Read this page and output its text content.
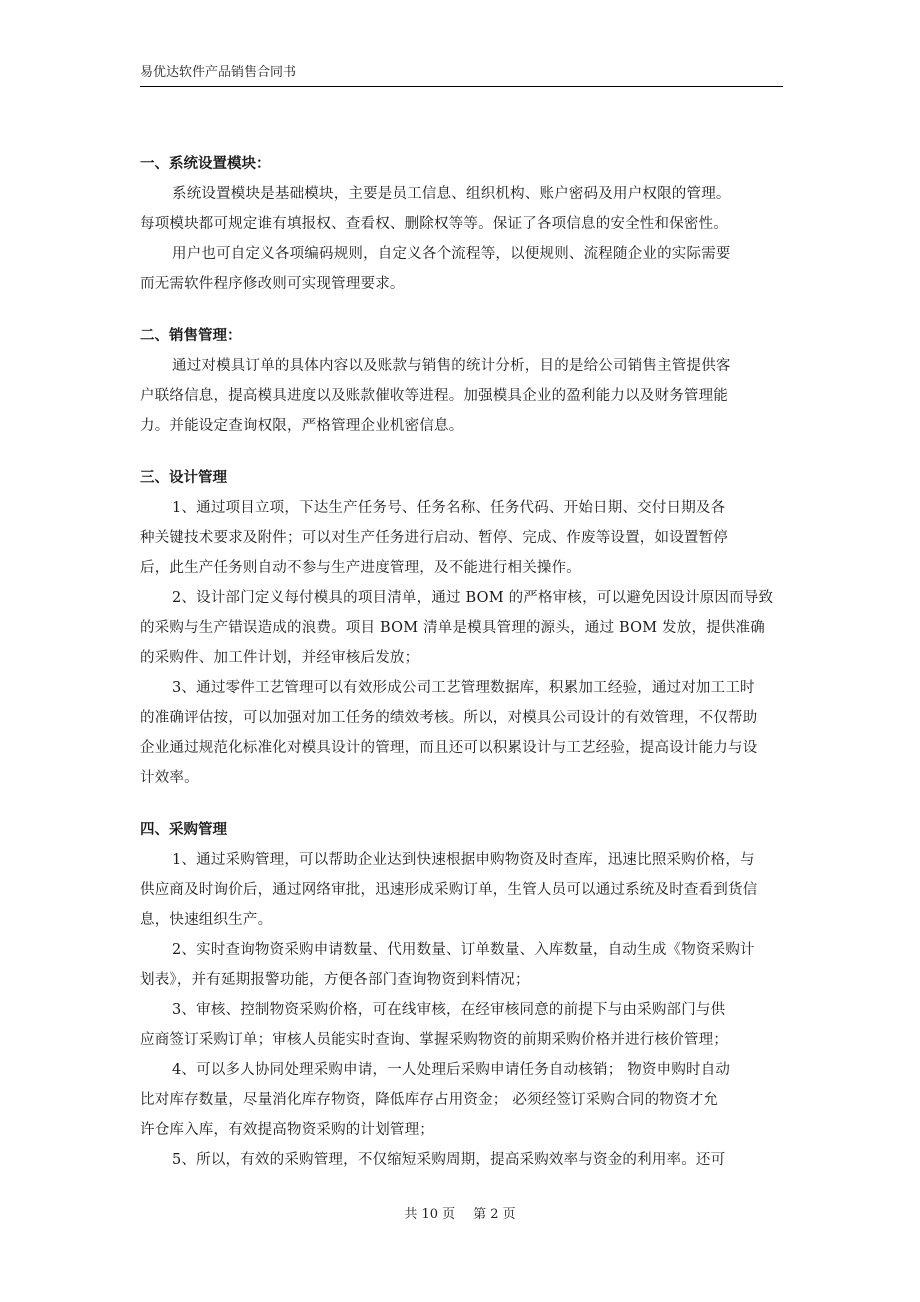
易优达软件产品销售合同书
一、系统设置模块：
系统设置模块是基础模块，主要是员工信息、组织机构、账户密码及用户权限的管理。
每项模块都可规定谁有填报权、查看权、删除权等等。保证了各项信息的安全性和保密性。
用户也可自定义各项编码规则，自定义各个流程等，以便规则、流程随企业的实际需要
而无需软件程序修改则可实现管理要求。
二、销售管理：
通过对模具订单的具体内容以及账款与销售的统计分析，目的是给公司销售主管提供客
户联络信息，提高模具进度以及账款催收等进程。加强模具企业的盈利能力以及财务管理能
力。并能设定查询权限，严格管理企业机密信息。
三、设计管理
1、通过项目立项，下达生产任务号、任务名称、任务代码、开始日期、交付日期及各
种关键技术要求及附件；可以对生产任务进行启动、暂停、完成、作废等设置，如设置暂停
后，此生产任务则自动不参与生产进度管理，及不能进行相关操作。
2、设计部门定义每付模具的项目清单，通过 BOM 的严格审核，可以避免因设计原因而导致
的采购与生产错误造成的浪费。项目 BOM 清单是模具管理的源头，通过 BOM 发放，提供准确
的采购件、加工件计划，并经审核后发放；
3、通过零件工艺管理可以有效形成公司工艺管理数据库，积累加工经验，通过对加工工时
的准确评估按，可以加强对加工任务的绩效考核。所以，对模具公司设计的有效管理，不仅帮助
企业通过规范化标准化对模具设计的管理，而且还可以积累设计与工艺经验，提高设计能力与设
计效率。
四、采购管理
1、通过采购管理，可以帮助企业达到快速根据申购物资及时查库，迅速比照采购价格，与
供应商及时询价后，通过网络审批，迅速形成采购订单，生管人员可以通过系统及时查看到货信
息，快速组织生产。
2、实时查询物资采购申请数量、代用数量、订单数量、入库数量，自动生成《物资采购计
划表》，并有延期报警功能，方便各部门查询物资到料情况；
3、审核、控制物资采购价格，可在线审核，在经审核同意的前提下与由采购部门与供
应商签订采购订单；审核人员能实时查询、掌握采购物资的前期采购价格并进行核价管理；
4、可以多人协同处理采购申请，一人处理后采购申请任务自动核销； 物资申购时自动
比对库存数量，尽量消化库存物资，降低库存占用资金； 必须经签订采购合同的物资才允
许仓库入库，有效提高物资采购的计划管理；
5、所以，有效的采购管理，不仅缩短采购周期，提高采购效率与资金的利用率。还可
共 10 页 第 2 页
